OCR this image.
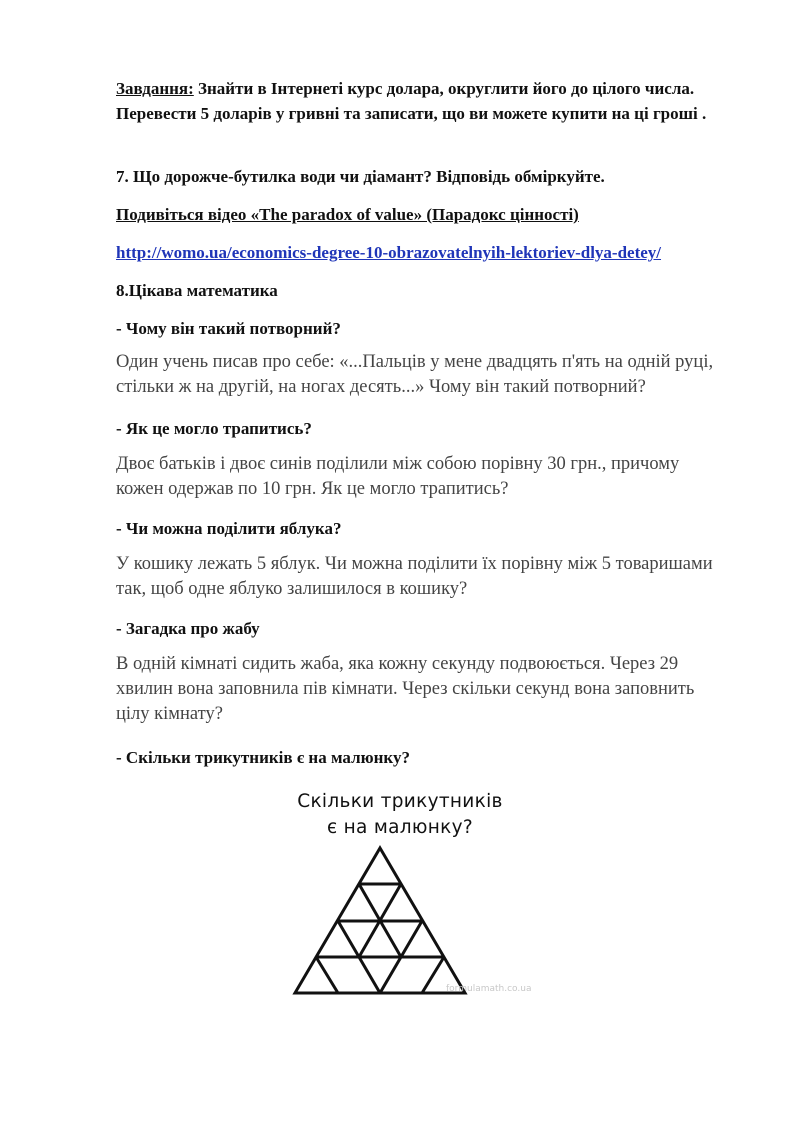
Завдання: Знайти в Інтернеті курс долара, округлити його до цілого числа. Перевести 5 доларів у гривні та записати, що ви можете купити на ці гроші .

7. Що дорожче-бутилка води чи діамант? Відповідь обміркуйте.

Подивіться відео «The paradox of value» (Парадокс цінності)

http://womo.ua/economics-degree-10-obrazovatelnyih-lektoriev-dlya-detey/

8.Цікава математика

- Чому він такий потворний?

Один учень писав про себе: «...Пальців у мене двадцять п'ять на одній руці, стільки ж на другій, на ногах десять...» Чому він такий потворний?

- Як це могло трапитись?

Двоє батьків і двоє синів поділили між собою порівну 30 грн., причому кожен одержав по 10 грн. Як це могло трапитись?

- Чи можна поділити яблука?

У кошику лежать 5 яблук. Чи можна поділити їх порівну між 5 товаришами так, щоб одне яблуко залишилося в кошику?

- Загадка про жабу

В одній кімнаті сидить жаба, яка кожну секунду подвоюється. Через 29 хвилин вона заповнила пів кімнати. Через скільки секунд вона заповнить цілу кімнату?

- Скільки трикутників є на малюнку?

Скільки трикутників
є на малюнку?
formulamath.co.ua
